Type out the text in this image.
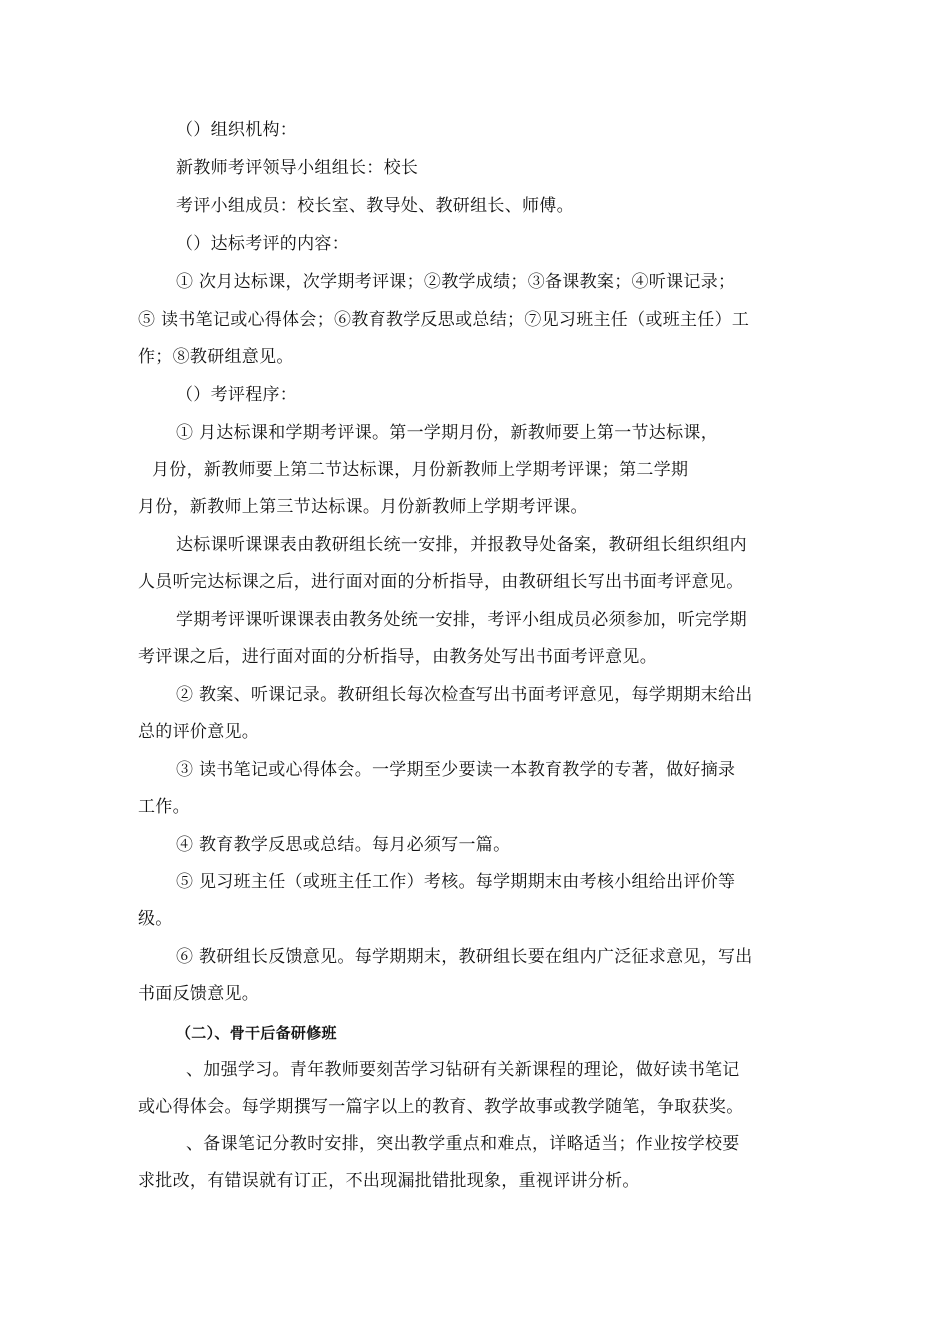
（）组织机构：
新教师考评领导小组组长：校长
考评小组成员：校长室、教导处、教研组长、师傅。
（）达标考评的内容：
① 次月达标课，次学期考评课；②教学成绩；③备课教案；④听课记录；
⑤ 读书笔记或心得体会；⑥教育教学反思或总结；⑦见习班主任（或班主任）工
作；⑧教研组意见。
（）考评程序：
① 月达标课和学期考评课。第一学期月份，新教师要上第一节达标课，
月份，新教师要上第二节达标课，月份新教师上学期考评课；第二学期
月份，新教师上第三节达标课。月份新教师上学期考评课。
达标课听课课表由教研组长统一安排，并报教导处备案，教研组长组织组内
人员听完达标课之后，进行面对面的分析指导，由教研组长写出书面考评意见。
学期考评课听课课表由教务处统一安排，考评小组成员必须参加，听完学期
考评课之后，进行面对面的分析指导，由教务处写出书面考评意见。
② 教案、听课记录。教研组长每次检查写出书面考评意见，每学期期末给出
总的评价意见。
③ 读书笔记或心得体会。一学期至少要读一本教育教学的专著，做好摘录
工作。
④ 教育教学反思或总结。每月必须写一篇。
⑤ 见习班主任（或班主任工作）考核。每学期期末由考核小组给出评价等
级。
⑥ 教研组长反馈意见。每学期期末，教研组长要在组内广泛征求意见，写出
书面反馈意见。
（二）、骨干后备研修班
、加强学习。青年教师要刻苦学习钻研有关新课程的理论，做好读书笔记
或心得体会。每学期撰写一篇字以上的教育、教学故事或教学随笔，争取获奖。
、备课笔记分教时安排，突出教学重点和难点，详略适当；作业按学校要
求批改，有错误就有订正，不出现漏批错批现象，重视评讲分析。
